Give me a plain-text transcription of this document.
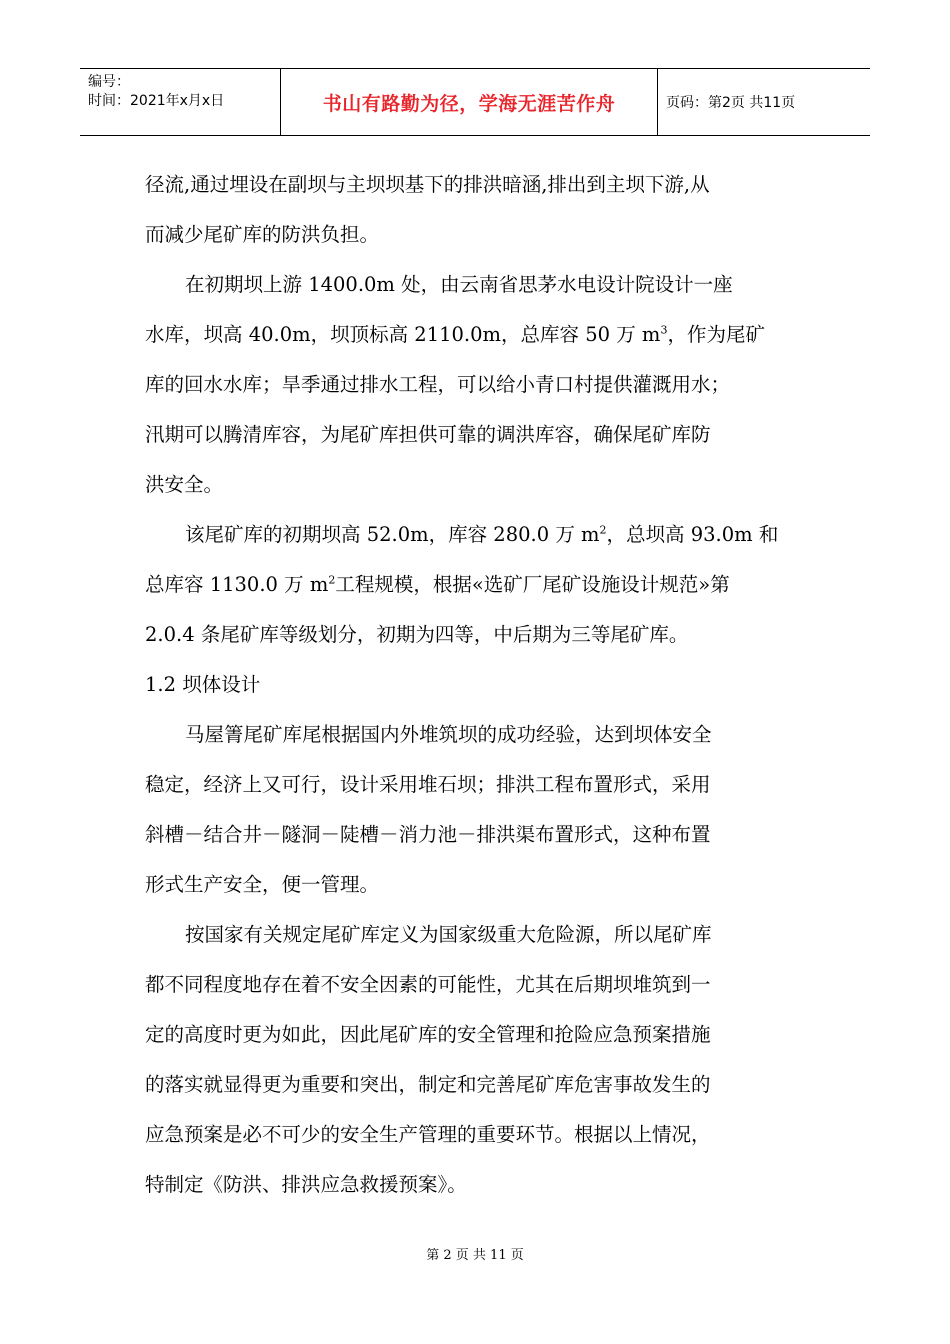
编号：
时间：2021年x月x日	书山有路勤为径，学海无涯苦作舟	页码：第2页 共11页

径流,通过埋设在副坝与主坝坝基下的排洪暗涵,排出到主坝下游,从
而减少尾矿库的防洪负担。

在初期坝上游 1400.0m 处，由云南省思茅水电设计院设计一座
水库，坝高 40.0m，坝顶标高 2110.0m，总库容 50 万 $m^3$，作为尾矿
库的回水水库；旱季通过排水工程，可以给小青口村提供灌溉用水；
汛期可以腾清库容，为尾矿库担供可靠的调洪库容，确保尾矿库防
洪安全。

该尾矿库的初期坝高 52.0m，库容 280.0 万 $m^2$，总坝高 93.0m 和
总库容 1130.0 万 $m^2$工程规模，根据«选矿厂尾矿设施设计规范»第
2.0.4 条尾矿库等级划分，初期为四等，中后期为三等尾矿库。

1.2 坝体设计

马屋箐尾矿库尾根据国内外堆筑坝的成功经验，达到坝体安全
稳定，经济上又可行，设计采用堆石坝；排洪工程布置形式，采用
斜槽－结合井－隧洞－陡槽－消力池－排洪渠布置形式，这种布置
形式生产安全，便一管理。

按国家有关规定尾矿库定义为国家级重大危险源，所以尾矿库
都不同程度地存在着不安全因素的可能性，尤其在后期坝堆筑到一
定的高度时更为如此，因此尾矿库的安全管理和抢险应急预案措施
的落实就显得更为重要和突出，制定和完善尾矿库危害事故发生的
应急预案是必不可少的安全生产管理的重要环节。根据以上情况，
特制定《防洪、排洪应急救援预案》。

第 2 页 共 11 页
